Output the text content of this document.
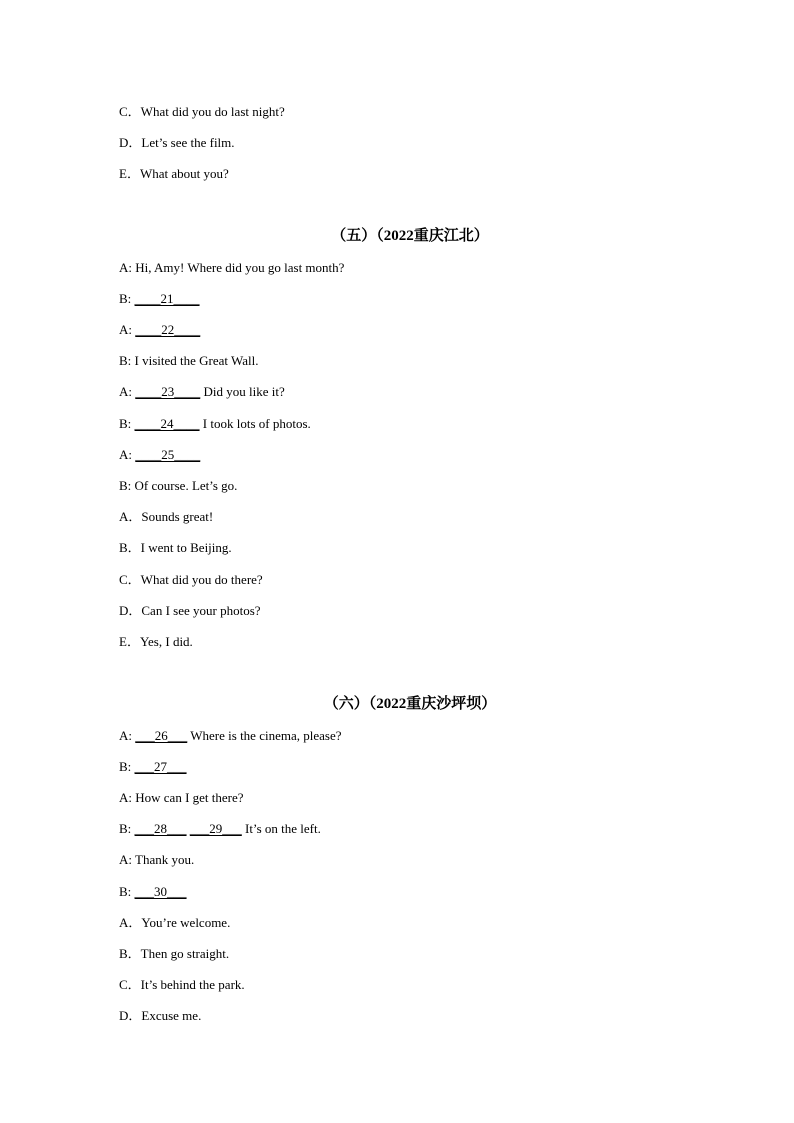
C．What did you do last night?
D．Let’s see the film.
E．What about you?
（五）（2022重庆江北）
A: Hi, Amy! Where did you go last month?
B: ____21____
A: ____22____
B: I visited the Great Wall.
A: ____23____ Did you like it?
B: ____24____ I took lots of photos.
A: ____25____
B: Of course. Let’s go.
A．Sounds great!
B．I went to Beijing.
C．What did you do there?
D．Can I see your photos?
E．Yes, I did.
（六）（2022重庆沙坪坝）
A: ___26___ Where is the cinema, please?
B: ___27___
A: How can I get there?
B: ___28___ ___29___ It’s on the left.
A: Thank you.
B: ___30___
A．You’re welcome.
B．Then go straight.
C．It’s behind the park.
D．Excuse me.
